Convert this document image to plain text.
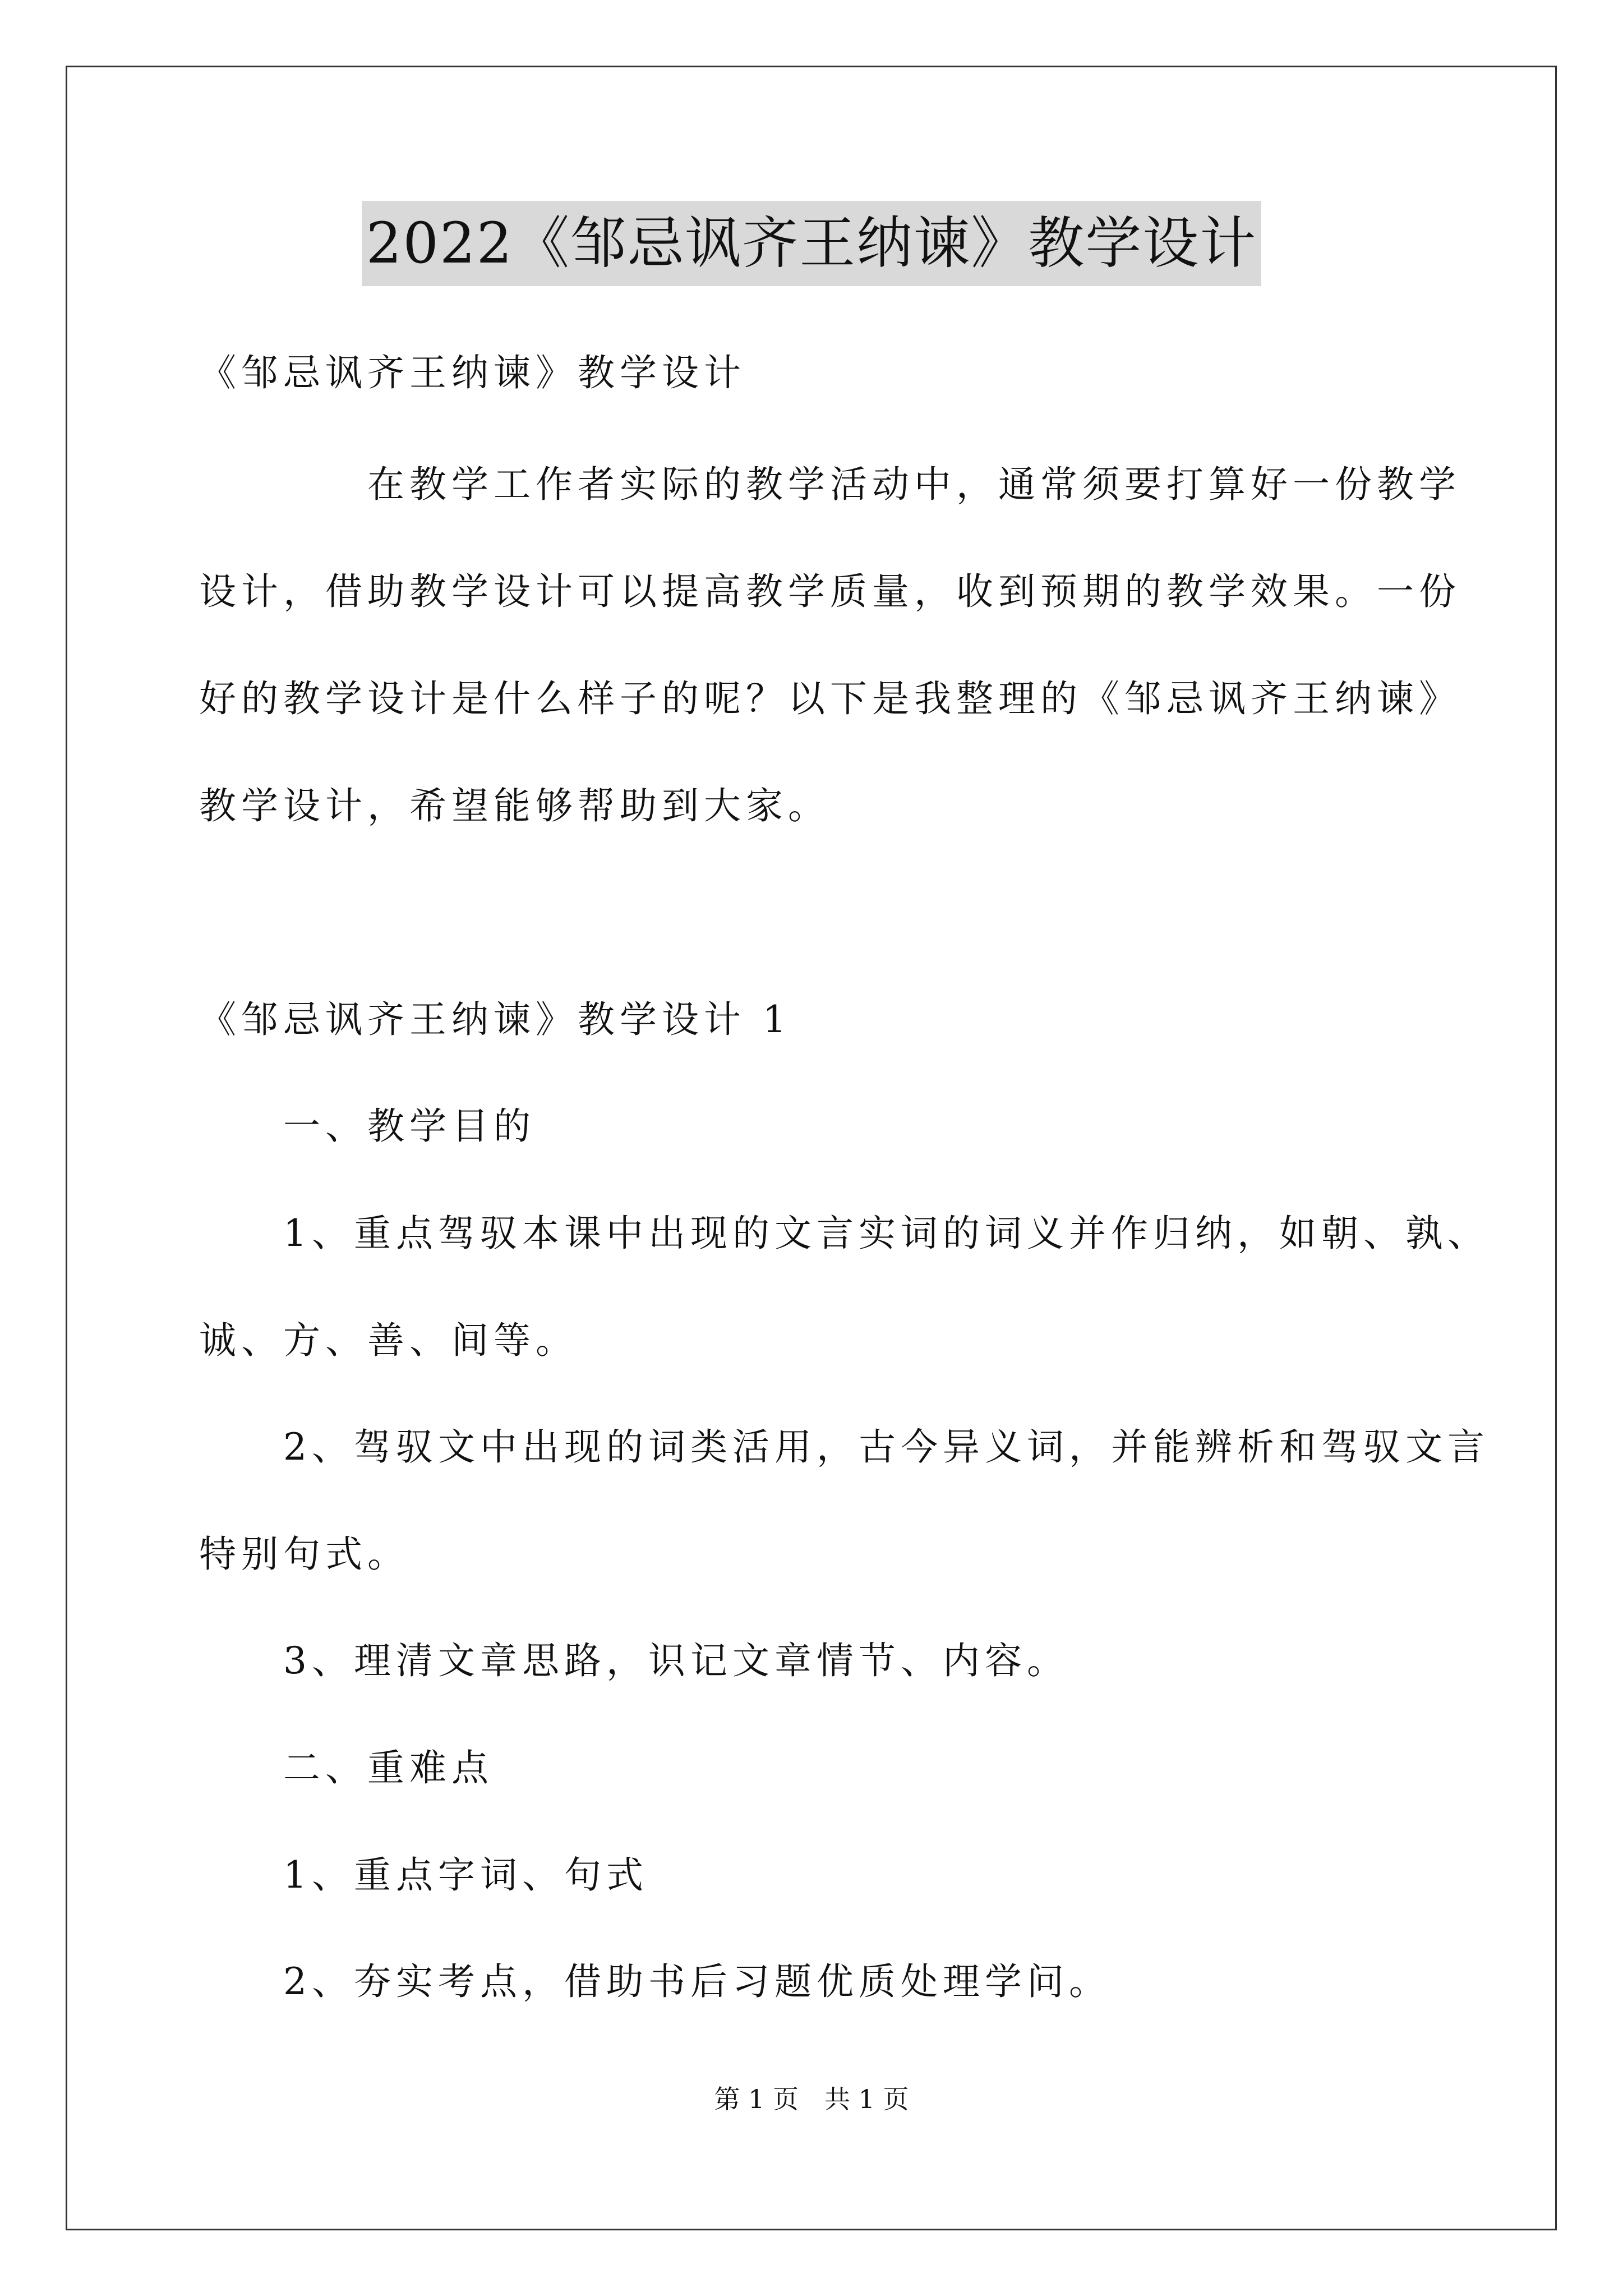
2022《邹忌讽齐王纳谏》教学设计
《邹忌讽齐王纳谏》教学设计
　　　　在教学工作者实际的教学活动中，通常须要打算好一份教学
设计，借助教学设计可以提高教学质量，收到预期的教学效果。一份
好的教学设计是什么样子的呢？以下是我整理的《邹忌讽齐王纳谏》
教学设计，希望能够帮助到大家。
《邹忌讽齐王纳谏》教学设计 1
　　一、教学目的
　　1、重点驾驭本课中出现的文言实词的词义并作归纳，如朝、孰、
诚、方、善、间等。
　　2、驾驭文中出现的词类活用，古今异义词，并能辨析和驾驭文言
特别句式。
　　3、理清文章思路，识记文章情节、内容。
　　二、重难点
　　1、重点字词、句式
　　2、夯实考点，借助书后习题优质处理学问。
第 1 页　共 1 页
